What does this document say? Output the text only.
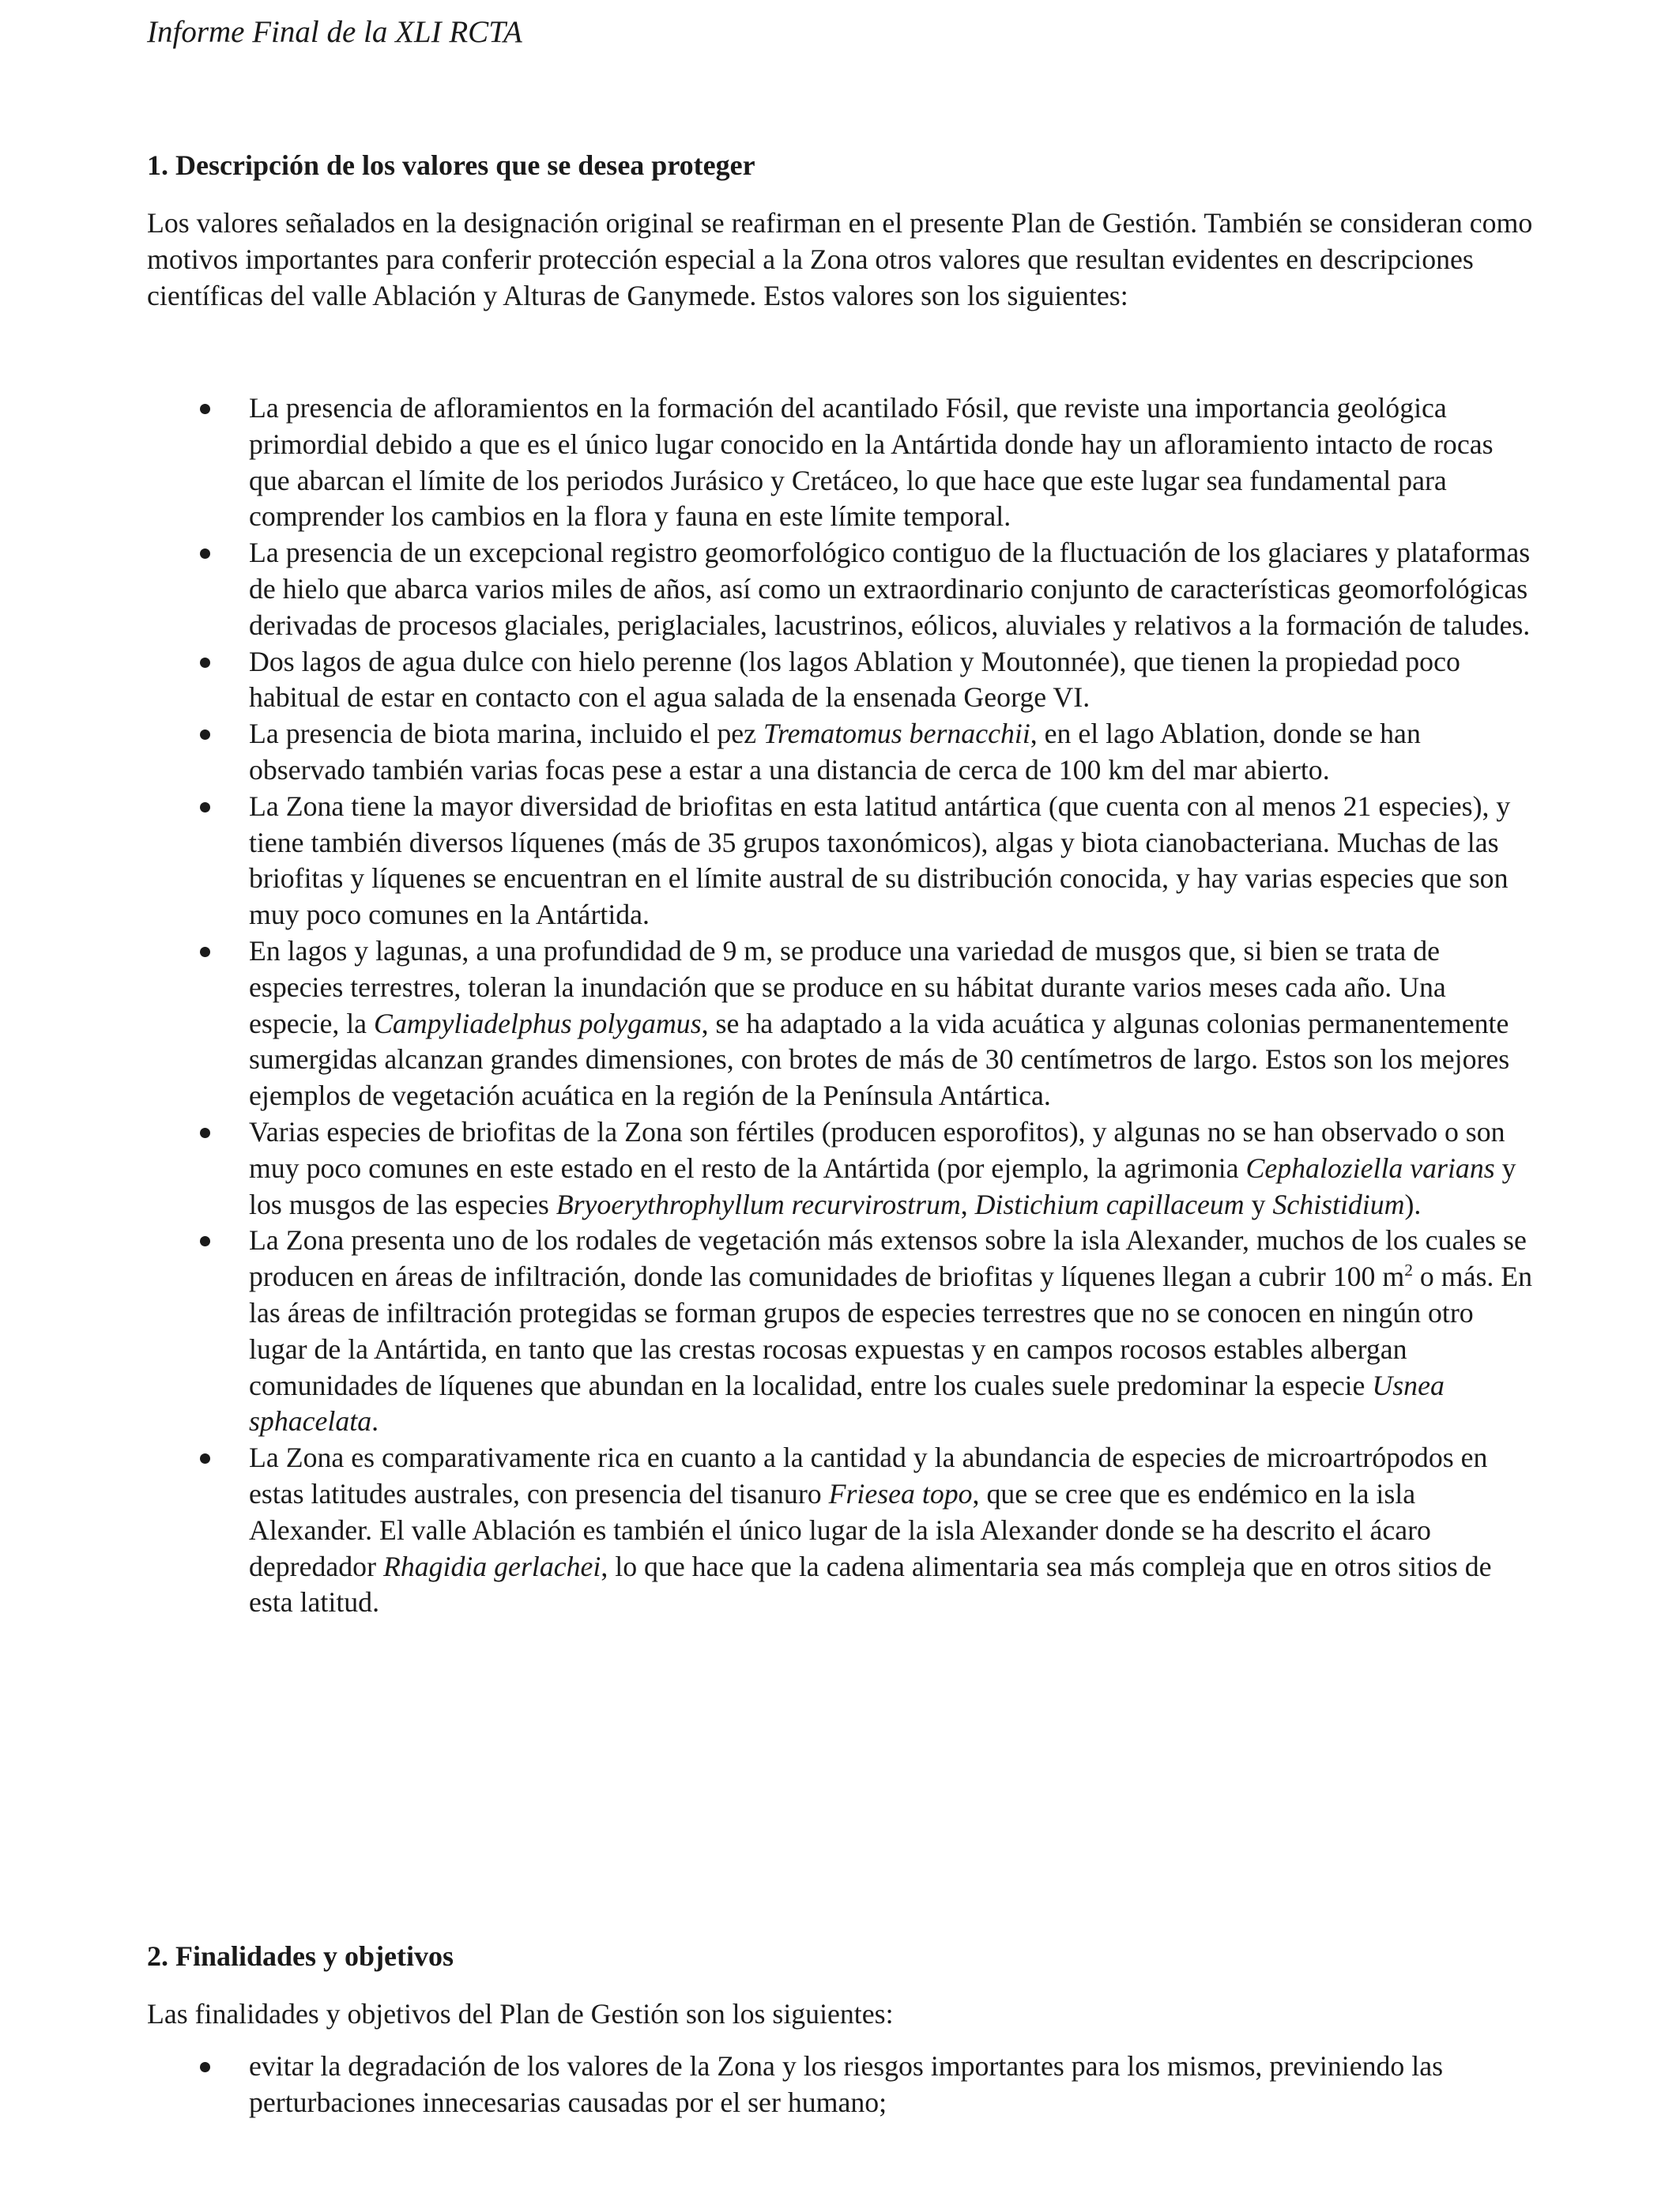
Informe Final de la XLI RCTA
1. Descripción de los valores que se desea proteger
Los valores señalados en la designación original se reafirman en el presente Plan de Gestión. También se consideran como motivos importantes para conferir protección especial a la Zona otros valores que resultan evidentes en descripciones científicas del valle Ablación y Alturas de Ganymede. Estos valores son los siguientes:
La presencia de afloramientos en la formación del acantilado Fósil, que reviste una importancia geológica primordial debido a que es el único lugar conocido en la Antártida donde hay un afloramiento intacto de rocas que abarcan el límite de los periodos Jurásico y Cretáceo, lo que hace que este lugar sea fundamental para comprender los cambios en la flora y fauna en este límite temporal.
La presencia de un excepcional registro geomorfológico contiguo de la fluctuación de los glaciares y plataformas de hielo que abarca varios miles de años, así como un extraordinario conjunto de características geomorfológicas derivadas de procesos glaciales, periglaciales, lacustrinos, eólicos, aluviales y relativos a la formación de taludes.
Dos lagos de agua dulce con hielo perenne (los lagos Ablation y Moutonnée), que tienen la propiedad poco habitual de estar en contacto con el agua salada de la ensenada George VI.
La presencia de biota marina, incluido el pez Trematomus bernacchii, en el lago Ablation, donde se han observado también varias focas pese a estar a una distancia de cerca de 100 km del mar abierto.
La Zona tiene la mayor diversidad de briofitas en esta latitud antártica (que cuenta con al menos 21 especies), y tiene también diversos líquenes (más de 35 grupos taxonómicos), algas y biota cianobacteriana. Muchas de las briofitas y líquenes se encuentran en el límite austral de su distribución conocida, y hay varias especies que son muy poco comunes en la Antártida.
En lagos y lagunas, a una profundidad de 9 m, se produce una variedad de musgos que, si bien se trata de especies terrestres, toleran la inundación que se produce en su hábitat durante varios meses cada año. Una especie, la Campyliadelphus polygamus, se ha adaptado a la vida acuática y algunas colonias permanentemente sumergidas alcanzan grandes dimensiones, con brotes de más de 30 centímetros de largo. Estos son los mejores ejemplos de vegetación acuática en la región de la Península Antártica.
Varias especies de briofitas de la Zona son fértiles (producen esporofitos), y algunas no se han observado o son muy poco comunes en este estado en el resto de la Antártida (por ejemplo, la agrimonia Cephaloziella varians y los musgos de las especies Bryoerythrophyllum recurvirostrum, Distichium capillaceum y Schistidium).
La Zona presenta uno de los rodales de vegetación más extensos sobre la isla Alexander, muchos de los cuales se producen en áreas de infiltración, donde las comunidades de briofitas y líquenes llegan a cubrir 100 $m^2$ o más. En las áreas de infiltración protegidas se forman grupos de especies terrestres que no se conocen en ningún otro lugar de la Antártida, en tanto que las crestas rocosas expuestas y en campos rocosos estables albergan comunidades de líquenes que abundan en la localidad, entre los cuales suele predominar la especie Usnea sphacelata.
La Zona es comparativamente rica en cuanto a la cantidad y la abundancia de especies de microartrópodos en estas latitudes australes, con presencia del tisanuro Friesea topo, que se cree que es endémico en la isla Alexander. El valle Ablación es también el único lugar de la isla Alexander donde se ha descrito el ácaro depredador Rhagidia gerlachei, lo que hace que la cadena alimentaria sea más compleja que en otros sitios de esta latitud.
2. Finalidades y objetivos
Las finalidades y objetivos del Plan de Gestión son los siguientes:
evitar la degradación de los valores de la Zona y los riesgos importantes para los mismos, previniendo las perturbaciones innecesarias causadas por el ser humano;
